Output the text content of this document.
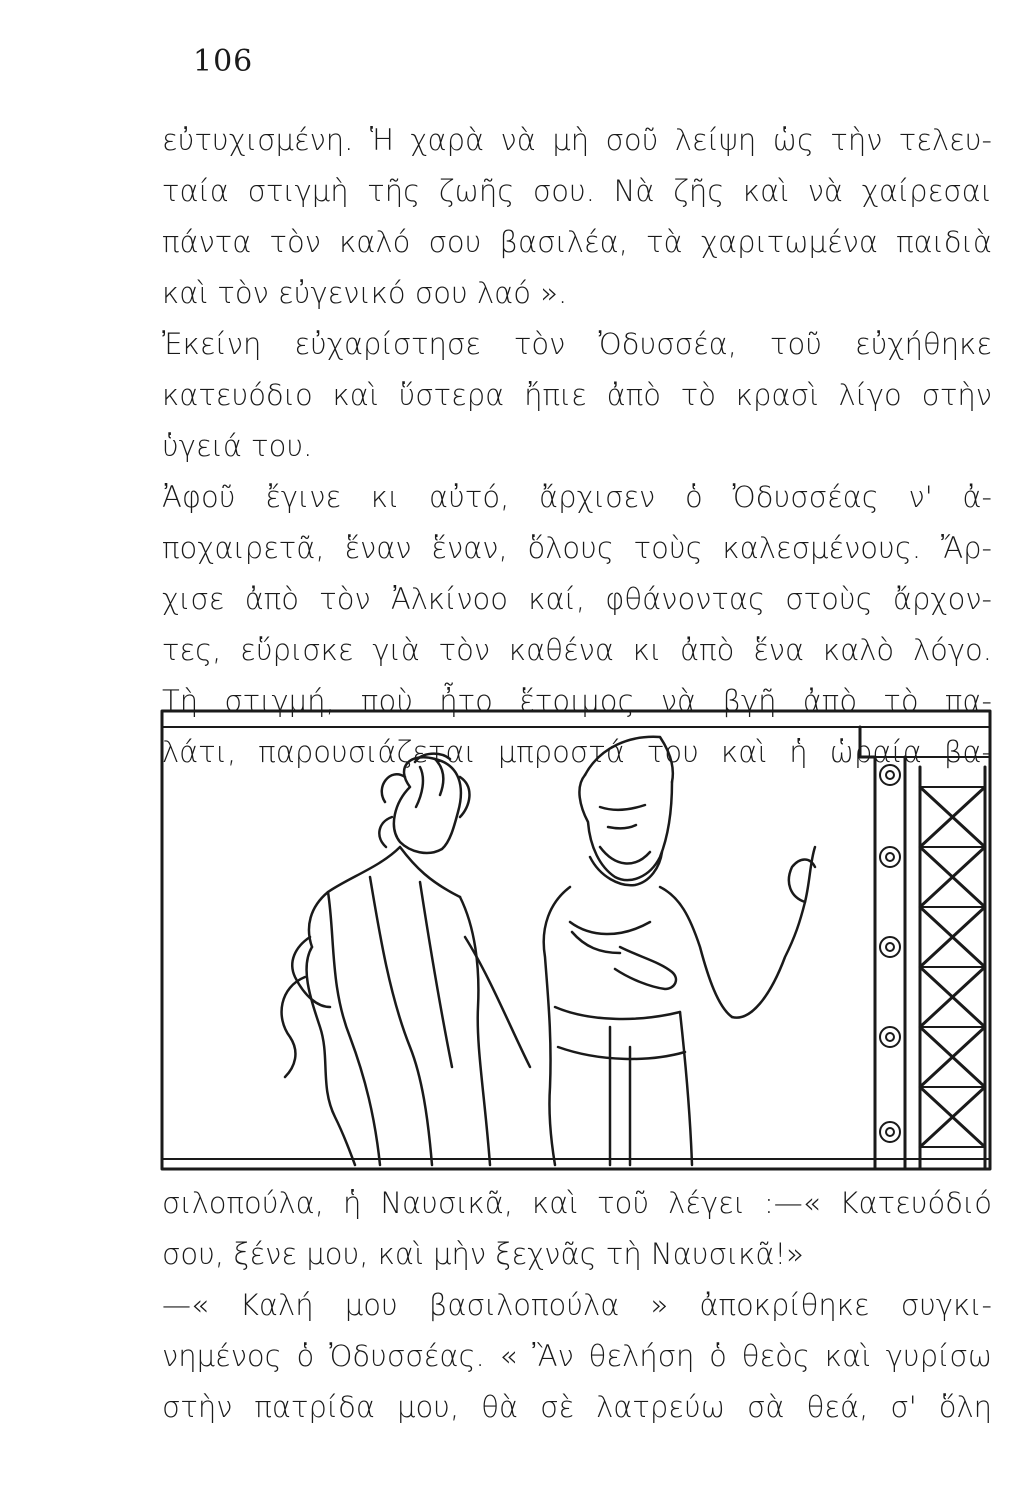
106
εὐτυχισμένη. Ἡ χαρὰ νὰ μὴ σοῦ λείψη ὡς τὴν τελευ-
ταία στιγμὴ τῆς ζωῆς σου. Νὰ ζῆς καὶ νὰ χαίρεσαι
πάντα τὸν καλό σου βασιλέα, τὰ χαριτωμένα παιδιὰ
καὶ τὸν εὐγενικό σου λαό ».
Ἐκείνη εὐχαρίστησε τὸν Ὀδυσσέα, τοῦ εὐχήθηκε
κατευόδιο καὶ ὕστερα ἤπιε ἀπὸ τὸ κρασὶ λίγο στὴν
ὑγειά του.
Ἀφοῦ ἔγινε κι αὐτό, ἄρχισεν ὁ Ὀδυσσέας ν' ἀ-
ποχαιρετᾶ, ἕναν ἕναν, ὅλους τοὺς καλεσμένους. Ἄρ-
χισε ἀπὸ τὸν Ἀλκίνοο καί, φθάνοντας στοὺς ἄρχον-
τες, εὕρισκε γιὰ τὸν καθένα κι ἀπὸ ἕνα καλὸ λόγο.
Τὴ στιγμή, ποὺ ἦτο ἕτοιμος νὰ βγῆ ἀπὸ τὸ πα-
λάτι, παρουσιάζεται μπροστά του καὶ ἡ ὡραία βα-
σιλοπούλα, ἡ Ναυσικᾶ, καὶ τοῦ λέγει :—« Κατευόδιό
σου, ξένε μου, καὶ μὴν ξεχνᾶς τὴ Ναυσικᾶ!»
—« Καλή μου βασιλοπούλα » ἀποκρίθηκε συγκι-
νημένος ὁ Ὀδυσσέας. « Ἂν θελήση ὁ θεὸς καὶ γυρίσω
στὴν πατρίδα μου, θὰ σὲ λατρεύω σὰ θεά, σ' ὅλη
